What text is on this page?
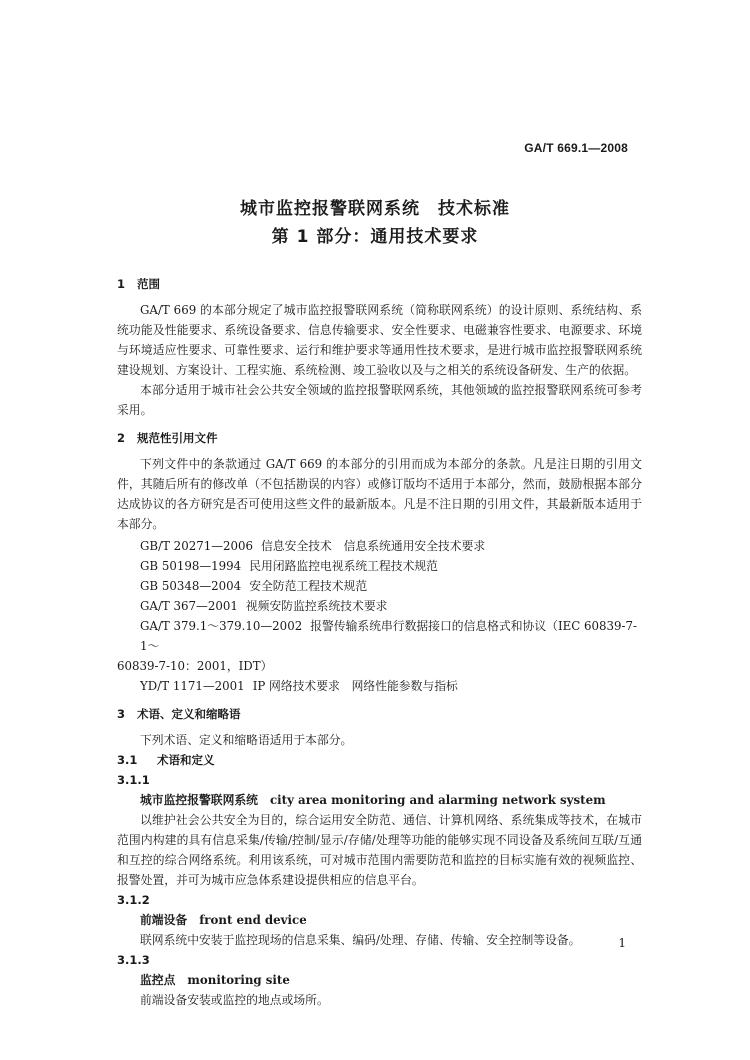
GA/T 669.1—2008
城市监控报警联网系统　技术标准
第 1 部分：通用技术要求
1 范围

GA/T 669 的本部分规定了城市监控报警联网系统（简称联网系统）的设计原则、系统结构、系统功能及性能要求、系统设备要求、信息传输要求、安全性要求、电磁兼容性要求、电源要求、环境与环境适应性要求、可靠性要求、运行和维护要求等通用性技术要求，是进行城市监控报警联网系统建设规划、方案设计、工程实施、系统检测、竣工验收以及与之相关的系统设备研发、生产的依据。

本部分适用于城市社会公共安全领域的监控报警联网系统，其他领域的监控报警联网系统可参考采用。

2 规范性引用文件

下列文件中的条款通过 GA/T 669 的本部分的引用而成为本部分的条款。凡是注日期的引用文件，其随后所有的修改单（不包括勘误的内容）或修订版均不适用于本部分，然而，鼓励根据本部分达成协议的各方研究是否可使用这些文件的最新版本。凡是不注日期的引用文件，其最新版本适用于本部分。

GB/T 20271—2006 信息安全技术　信息系统通用安全技术要求

GB 50198—1994 民用闭路监控电视系统工程技术规范

GB 50348—2004 安全防范工程技术规范

GA/T 367—2001 视频安防监控系统技术要求

GA/T 379.1～379.10—2002 报警传输系统串行数据接口的信息格式和协议（IEC 60839-7-1～

60839-7-10：2001，IDT）

YD/T 1171—2001 IP 网络技术要求　网络性能参数与指标

3 术语、定义和缩略语

下列术语、定义和缩略语适用于本部分。

3.1 术语和定义
3.1.1

城市监控报警联网系统 city area monitoring and alarming network system

以维护社会公共安全为目的，综合运用安全防范、通信、计算机网络、系统集成等技术，在城市范围内构建的具有信息采集/传输/控制/显示/存储/处理等功能的能够实现不同设备及系统间互联/互通和互控的综合网络系统。利用该系统，可对城市范围内需要防范和监控的目标实施有效的视频监控、报警处置，并可为城市应急体系建设提供相应的信息平台。

3.1.2

前端设备 front end device

联网系统中安装于监控现场的信息采集、编码/处理、存储、传输、安全控制等设备。

3.1.3

监控点 monitoring site

前端设备安装或监控的地点或场所。

1
